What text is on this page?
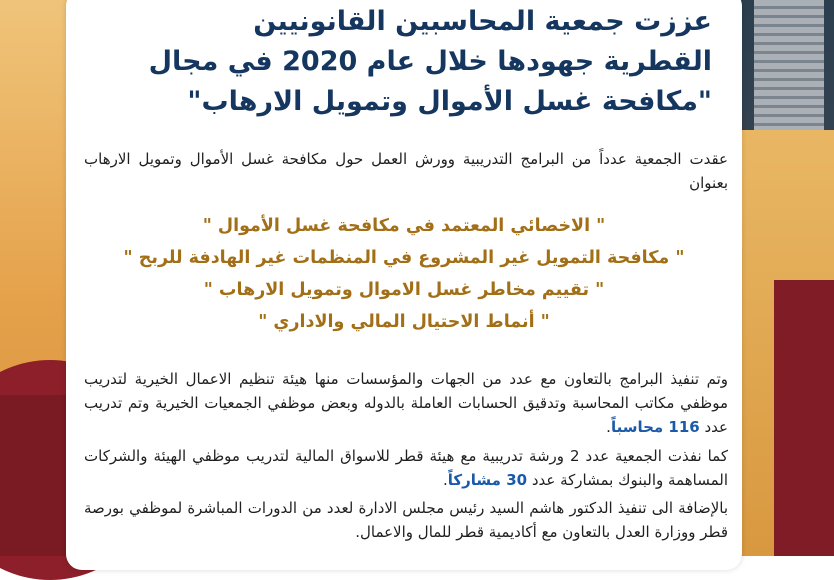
عززت جمعية المحاسبين القانونيين
القطرية جهودها خلال عام 2020 في مجال
"مكافحة غسل الأموال وتمويل الارهاب"
عقدت الجمعية عدداً من البرامج التدريبية وورش العمل حول مكافحة غسل الأموال وتمويل الارهاب بعنوان
" الاخصائي المعتمد في مكافحة غسل الأموال "
" مكافحة التمويل غير المشروع في المنظمات غير الهادفة للربح "
" تقييم مخاطر غسل الاموال وتمويل الارهاب "
" أنماط الاحتيال المالي والاداري "
وتم تنفيذ البرامج بالتعاون مع عدد من الجهات والمؤسسات منها هيئة تنظيم الاعمال الخيرية لتدريب موظفي مكاتب المحاسبة وتدقيق الحسابات العاملة بالدوله وبعض موظفي الجمعيات الخيرية وتم تدريب عدد 116 محاسباً.
كما نفذت الجمعية عدد 2 ورشة تدريبية مع هيئة قطر للاسواق المالية لتدريب موظفي الهيئة والشركات المساهمة والبنوك بمشاركة عدد 30 مشاركاً.
بالإضافة الى تنفيذ الدكتور هاشم السيد رئيس مجلس الادارة لعدد من الدورات المباشرة لموظفي بورصة قطر ووزارة العدل بالتعاون مع أكاديمية قطر للمال والاعمال.
